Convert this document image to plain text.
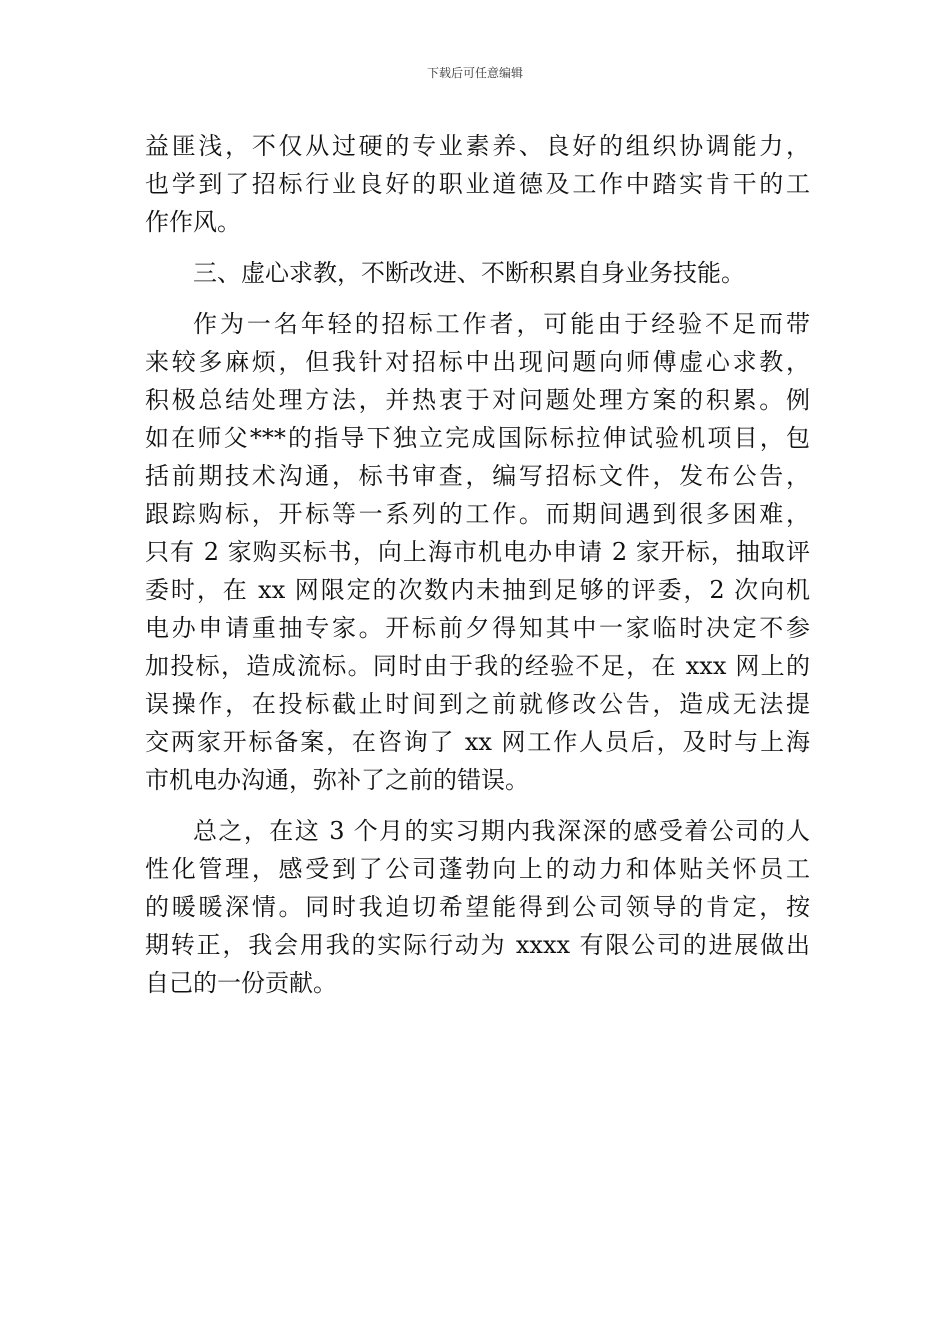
下载后可任意编辑
益匪浅，不仅从过硬的专业素养、良好的组织协调能力，
也学到了招标行业良好的职业道德及工作中踏实肯干的工
作作风。
三、虚心求教，不断改进、不断积累自身业务技能。
作为一名年轻的招标工作者，可能由于经验不足而带
来较多麻烦，但我针对招标中出现问题向师傅虚心求教，
积极总结处理方法，并热衷于对问题处理方案的积累。例
如在师父***的指导下独立完成国际标拉伸试验机项目，包
括前期技术沟通，标书审查，编写招标文件，发布公告，
跟踪购标，开标等一系列的工作。而期间遇到很多困难，
只有 2 家购买标书，向上海市机电办申请 2 家开标，抽取评
委时，在 xx 网限定的次数内未抽到足够的评委，2 次向机
电办申请重抽专家。开标前夕得知其中一家临时决定不参
加投标，造成流标。同时由于我的经验不足，在 xxx 网上的
误操作，在投标截止时间到之前就修改公告，造成无法提
交两家开标备案，在咨询了 xx 网工作人员后，及时与上海
市机电办沟通，弥补了之前的错误。
总之，在这 3 个月的实习期内我深深的感受着公司的人
性化管理，感受到了公司蓬勃向上的动力和体贴关怀员工
的暖暖深情。同时我迫切希望能得到公司领导的肯定，按
期转正，我会用我的实际行动为 xxxx 有限公司的进展做出
自己的一份贡献。
